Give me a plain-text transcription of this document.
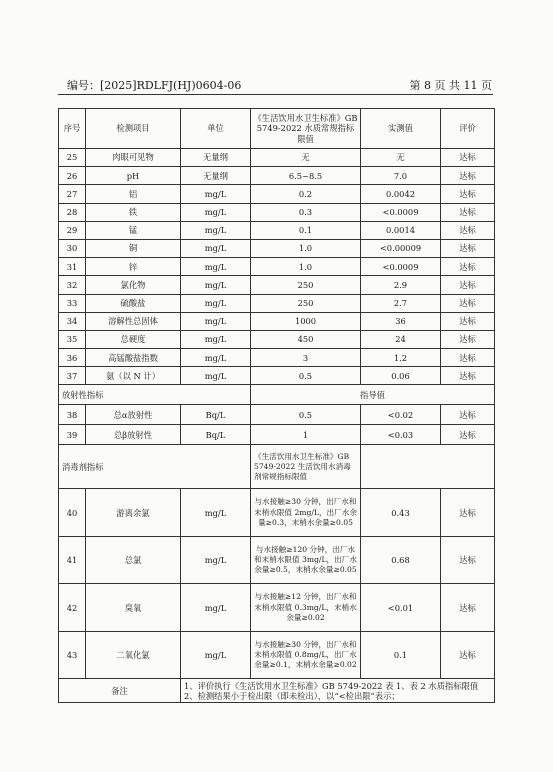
编号：[2025]RDLFJ(HJ)0604-06	第 8 页 共 11 页
序号	检测项目	单位	《生活饮用水卫生标准》GB 5749-2022 水质常规指标限值	实测值	评价
25	肉眼可见物	无量纲	无	无	达标
26	pH	无量纲	6.5~8.5	7.0	达标
27	铝	mg/L	0.2	0.0042	达标
28	铁	mg/L	0.3	<0.0009	达标
29	锰	mg/L	0.1	0.0014	达标
30	铜	mg/L	1.0	<0.00009	达标
31	锌	mg/L	1.0	<0.0009	达标
32	氯化物	mg/L	250	2.9	达标
33	硫酸盐	mg/L	250	2.7	达标
34	溶解性总固体	mg/L	1000	36	达标
35	总硬度	mg/L	450	24	达标
36	高锰酸盐指数	mg/L	3	1.2	达标
37	氨（以 N 计）	mg/L	0.5	0.06	达标
放射性指标			指导值		
38	总α放射性	Bq/L	0.5	<0.02	达标
39	总β放射性	Bq/L	1	<0.03	达标
消毒剂指标			《生活饮用水卫生标准》GB 5749-2022 生活饮用水消毒剂常规指标限值		
40	游离余氯	mg/L	与水接触≥30 分钟，出厂水和末梢水限值 2mg/L，出厂水余量≥0.3，末梢水余量≥0.05	0.43	达标
41	总氯	mg/L	与水接触≥120 分钟，出厂水和末梢水限值 3mg/L，出厂水余量≥0.5，末梢水余量≥0.05	0.68	达标
42	臭氧	mg/L	与水接触≥12 分钟，出厂水和末梢水限值 0.3mg/L，末梢水余量≥0.02	<0.01	达标
43	二氧化氯	mg/L	与水接触≥30 分钟，出厂水和末梢水限值 0.8mg/L，出厂水余量≥0.1，末梢水余量≥0.02	0.1	达标
备注		1、评价执行《生活饮用水卫生标准》GB 5749-2022 表 1、表 2 水质指标限值
2、检测结果小于检出限（即未检出），以“<检出限”表示；			
